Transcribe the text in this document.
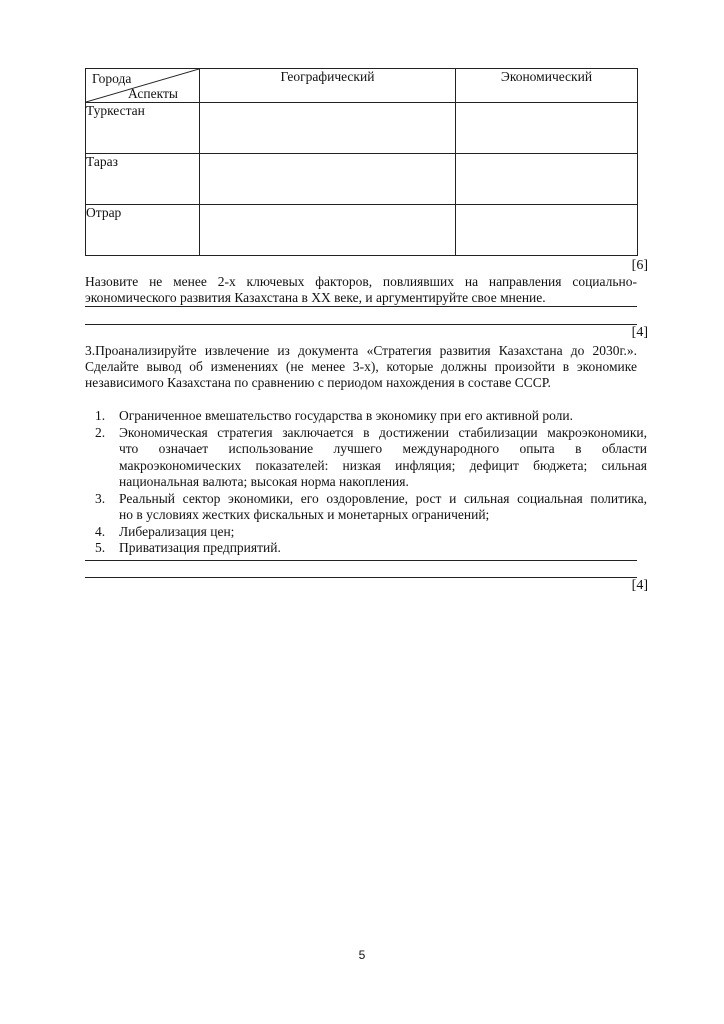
Города
Аспекты	Географический	Экономический
Туркестан		
Тараз		
Отрар		
[6]
Назовите не менее 2-х ключевых факторов, повлиявших на направления социально-
экономического развития Казахстана в XX веке, и аргументируйте свое мнение.
[4]
3.Проанализируйте извлечение из документа «Стратегия развития Казахстана до 2030г.».
Сделайте вывод об изменениях (не менее 3-х), которые должны произойти в экономике
независимого Казахстана по сравнению с периодом нахождения в составе СССР.
1. Ограниченное вмешательство государства в экономику при его активной роли.
2. Экономическая стратегия заключается в достижении стабилизации макроэкономики,
что означает использование лучшего международного опыта в области
макроэкономических показателей: низкая инфляция; дефицит бюджета; сильная
национальная валюта; высокая норма накопления.
3. Реальный сектор экономики, его оздоровление, рост и сильная социальная политика,
но в условиях жестких фискальных и монетарных ограничений;
4. Либерализация цен;
5. Приватизация предприятий.
[4]
5
